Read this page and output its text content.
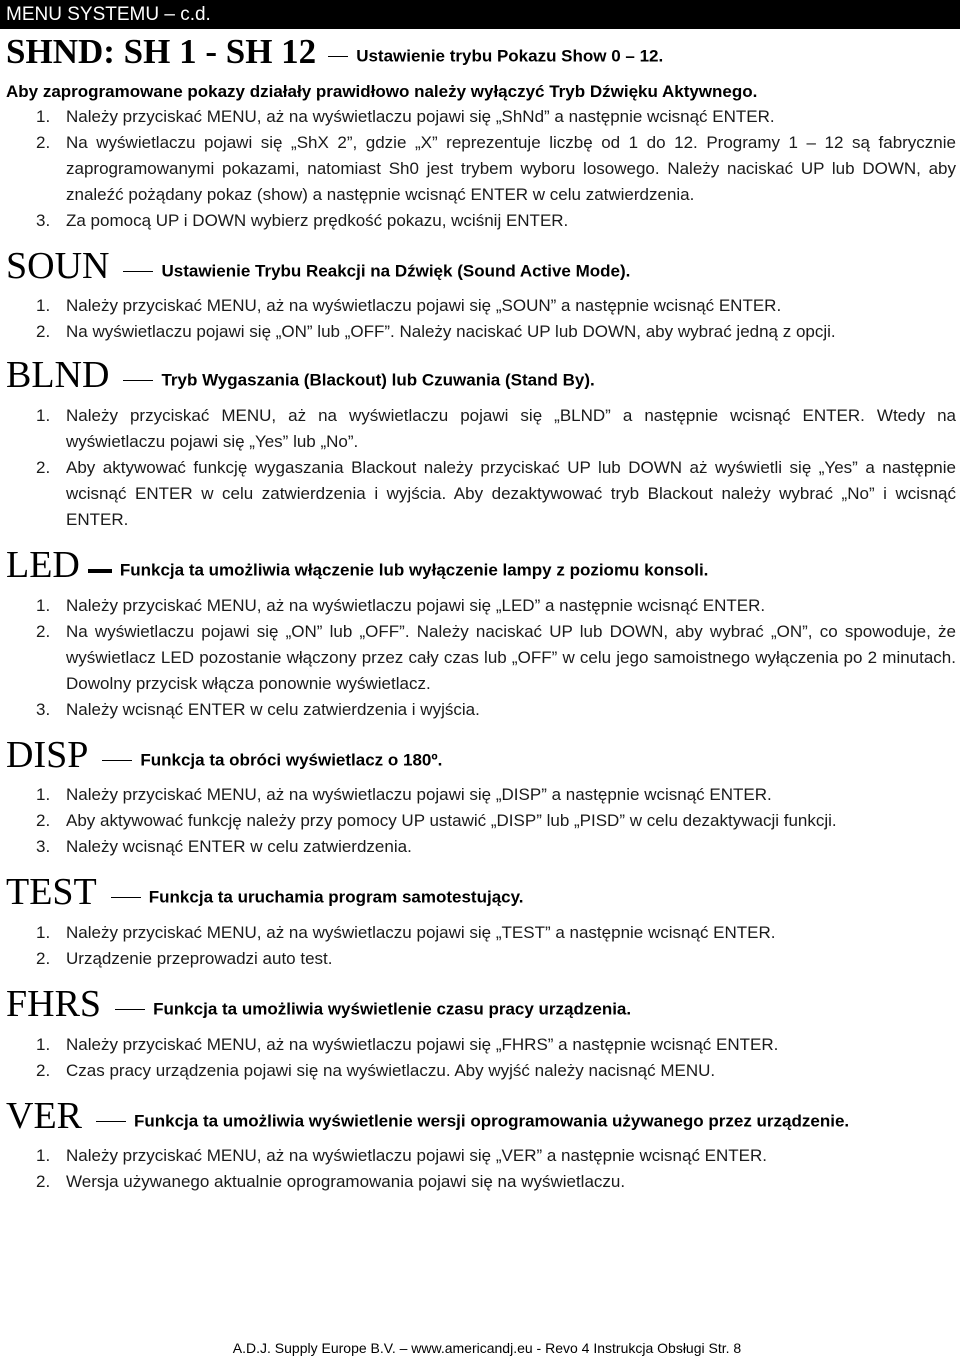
MENU SYSTEMU – c.d.
SHND: SH 1 - SH 12 Ustawienie trybu Pokazu Show 0 – 12.
Aby zaprogramowane pokazy działały prawidłowo należy wyłączyć Tryb Dźwięku Aktywnego.
1. Należy przyciskać MENU, aż na wyświetlaczu pojawi się „ShNd” a następnie wcisnąć ENTER.
2. Na wyświetlaczu pojawi się „ShX 2”, gdzie „X” reprezentuje liczbę od 1 do 12. Programy 1 – 12 są fabrycznie zaprogramowanymi pokazami, natomiast Sh0 jest trybem wyboru losowego. Należy naciskać UP lub DOWN, aby znaleźć pożądany pokaz (show) a następnie wcisnąć ENTER w celu zatwierdzenia.
3. Za pomocą UP i DOWN wybierz prędkość pokazu, wciśnij ENTER.
SOUN	Ustawienie Trybu Reakcji na Dźwięk (Sound Active Mode).
1. Należy przyciskać MENU, aż na wyświetlaczu pojawi się „SOUN” a następnie wcisnąć ENTER.
2. Na wyświetlaczu pojawi się „ON” lub „OFF”. Należy naciskać UP lub DOWN, aby wybrać jedną z opcji.
BLND	Tryb Wygaszania (Blackout) lub Czuwania (Stand By).
1. Należy przyciskać MENU, aż na wyświetlaczu pojawi się „BLND” a następnie wcisnąć ENTER. Wtedy na wyświetlaczu pojawi się „Yes” lub „No”.
2. Aby aktywować funkcję wygaszania Blackout należy przyciskać UP lub DOWN aż wyświetli się „Yes” a następnie wcisnąć ENTER w celu zatwierdzenia i wyjścia. Aby dezaktywować tryb Blackout należy wybrać „No” i wcisnąć ENTER.
LED Funkcja ta umożliwia włączenie lub wyłączenie lampy z poziomu konsoli.
1. Należy przyciskać MENU, aż na wyświetlaczu pojawi się „LED” a następnie wcisnąć ENTER.
2. Na wyświetlaczu pojawi się „ON” lub „OFF”. Należy naciskać UP lub DOWN, aby wybrać „ON”, co spowoduje, że wyświetlacz LED pozostanie włączony przez cały czas lub „OFF” w celu jego samoistnego wyłączenia po 2 minutach. Dowolny przycisk włącza ponownie wyświetlacz.
3. Należy wcisnąć ENTER w celu zatwierdzenia i wyjścia.
DISP	Funkcja ta obróci wyświetlacz o 180º.
1. Należy przyciskać MENU, aż na wyświetlaczu pojawi się „DISP” a następnie wcisnąć ENTER.
2. Aby aktywować funkcję należy przy pomocy UP ustawić „DISP” lub „PISD” w celu dezaktywacji funkcji.
3. Należy wcisnąć ENTER w celu zatwierdzenia.
TEST	Funkcja ta uruchamia program samotestujący.
1. Należy przyciskać MENU, aż na wyświetlaczu pojawi się „TEST” a następnie wcisnąć ENTER.
2. Urządzenie przeprowadzi auto test.
FHRS	Funkcja ta umożliwia wyświetlenie czasu pracy urządzenia.
1. Należy przyciskać MENU, aż na wyświetlaczu pojawi się „FHRS” a następnie wcisnąć ENTER.
2. Czas pracy urządzenia pojawi się na wyświetlaczu. Aby wyjść należy nacisnąć MENU.
VER	Funkcja ta umożliwia wyświetlenie wersji oprogramowania używanego przez urządzenie.
1. Należy przyciskać MENU, aż na wyświetlaczu pojawi się „VER” a następnie wcisnąć ENTER.
2. Wersja używanego aktualnie oprogramowania pojawi się na wyświetlaczu.
A.D.J. Supply Europe B.V. – www.americandj.eu - Revo 4 Instrukcja Obsługi Str. 8
